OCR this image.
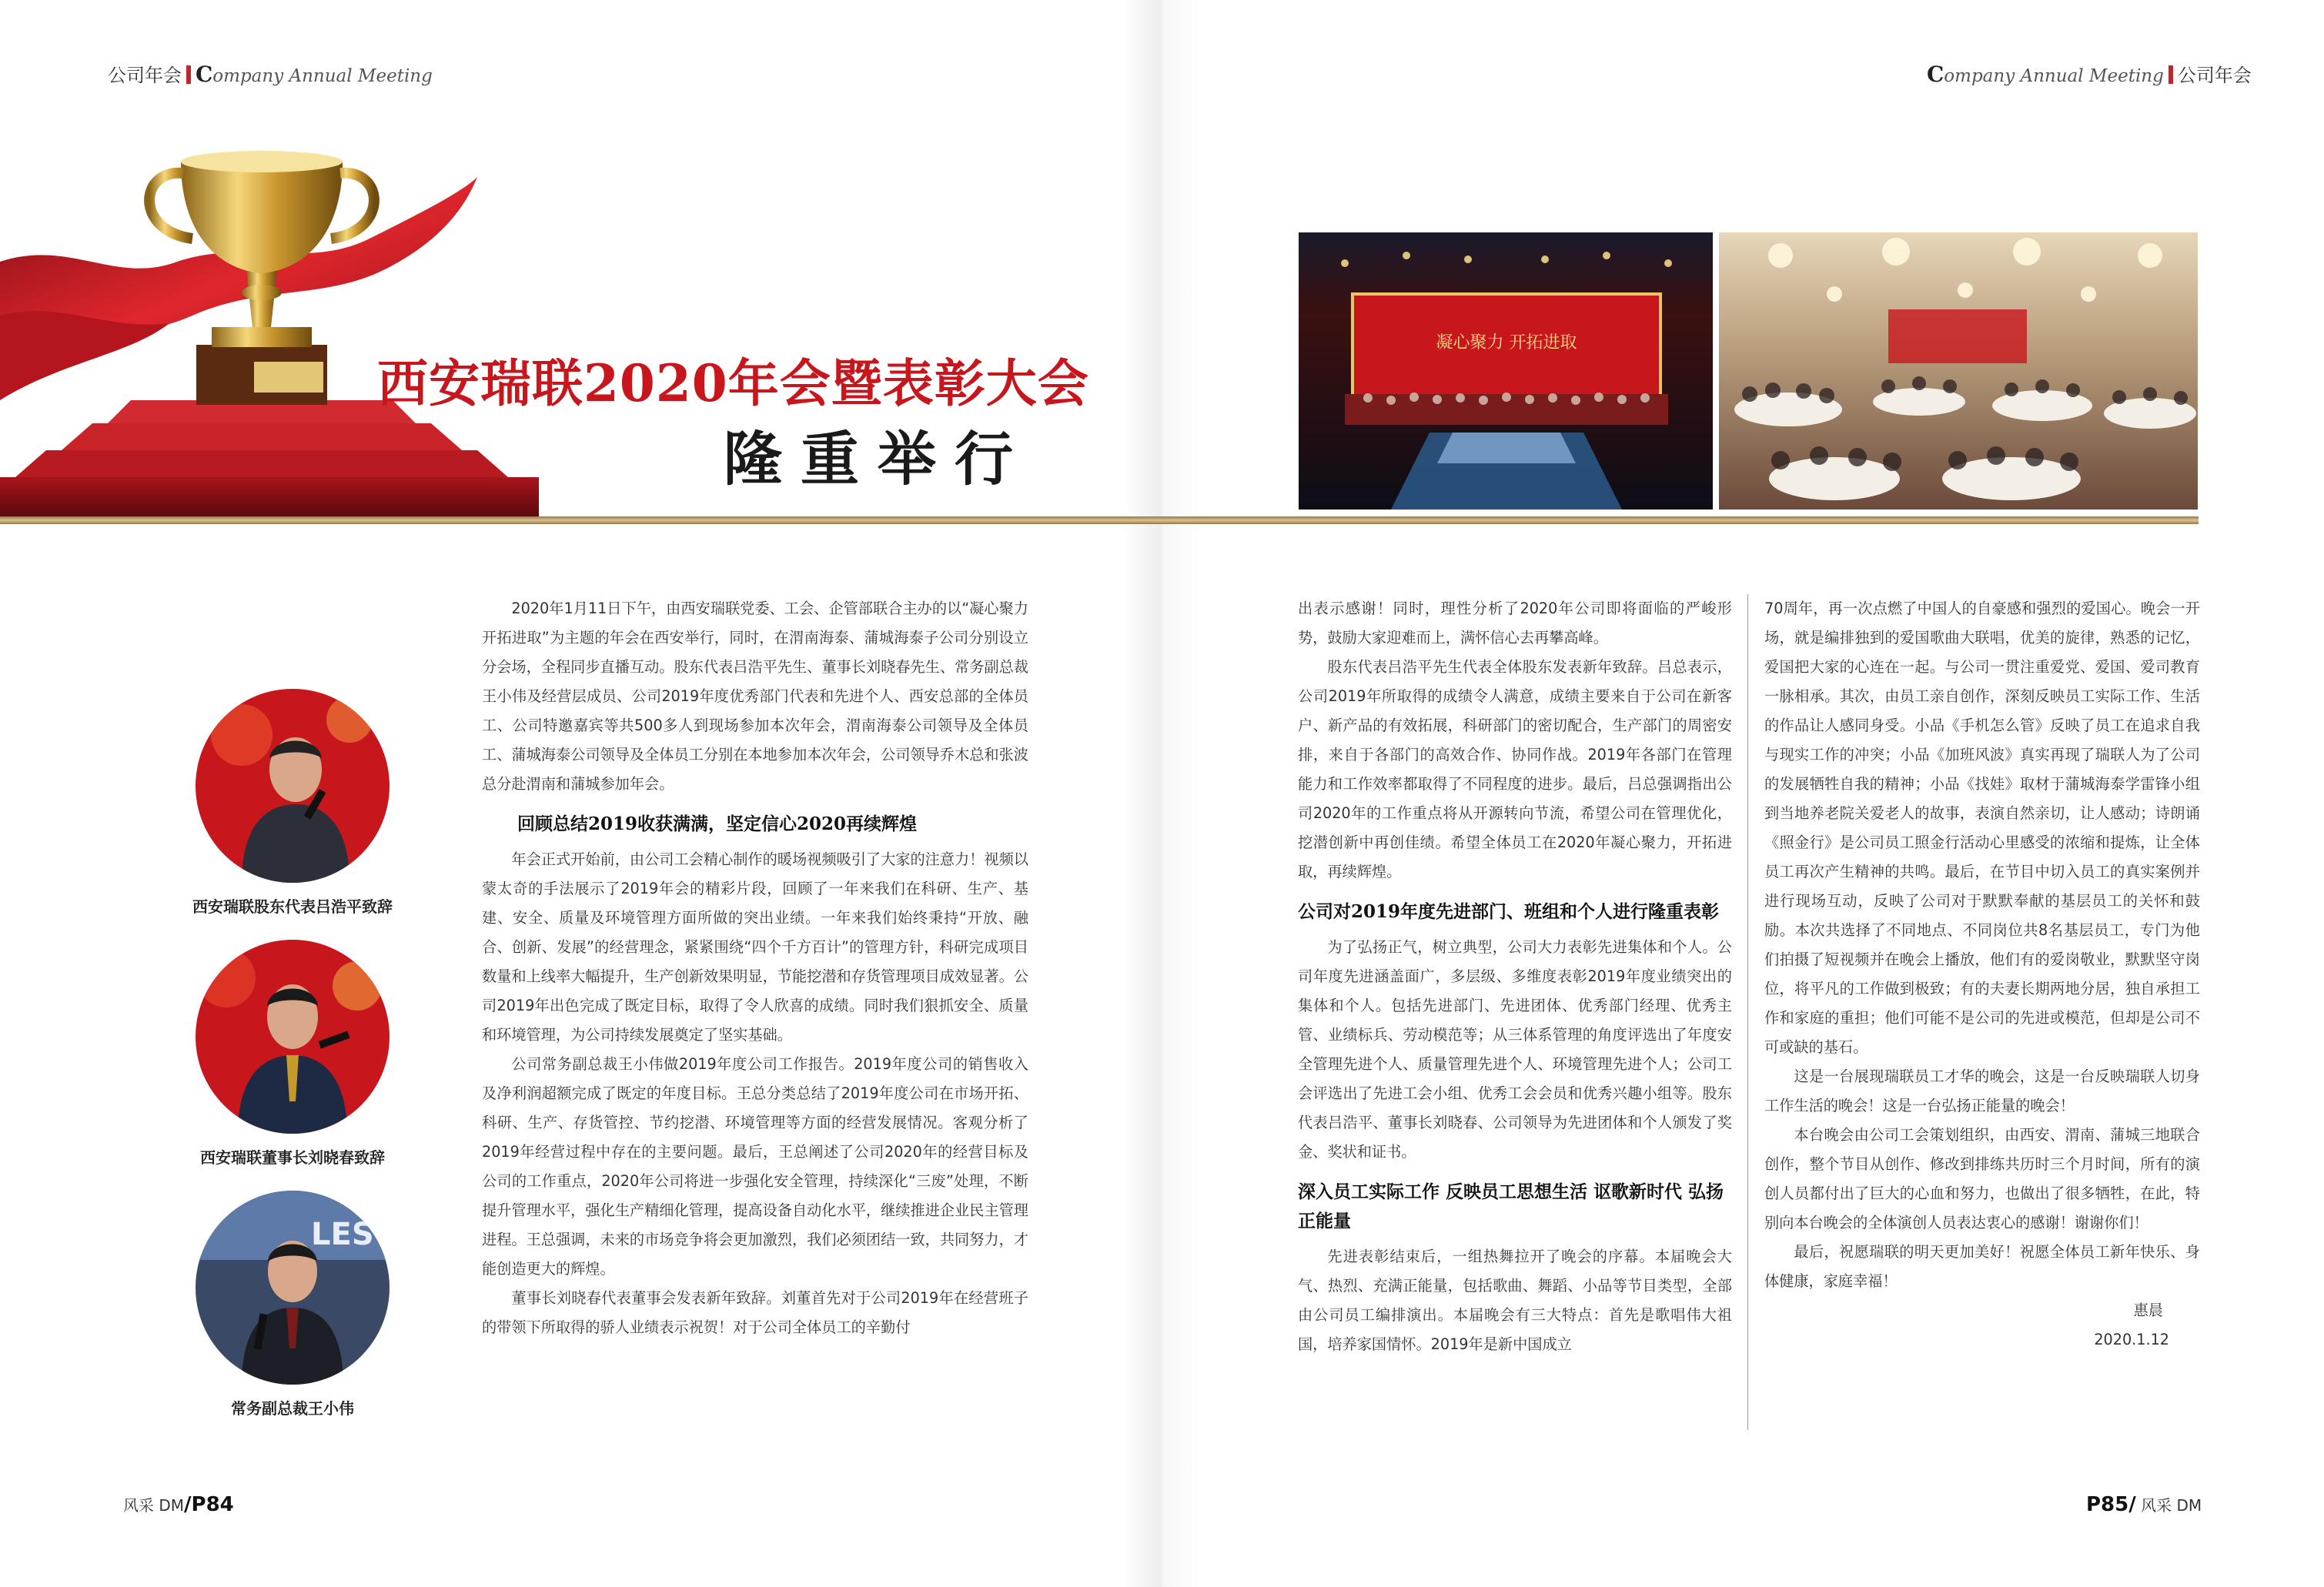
公司年会 Company Annual Meeting	Company Annual Meeting 公司年会
西安瑞联2020年会暨表彰大会
隆重举行
凝心聚力 开拓进取
西安瑞联股东代表吕浩平致辞
西安瑞联董事长刘晓春致辞
LES
常务副总裁王小伟

2020年1月11日下午，由西安瑞联党委、工会、企管部联合主办的以“凝心聚力 开拓进取”为主题的年会在西安举行，同时，在渭南海泰、蒲城海泰子公司分别设立分会场，全程同步直播互动。股东代表吕浩平先生、董事长刘晓春先生、常务副总裁王小伟及经营层成员、公司2019年度优秀部门代表和先进个人、西安总部的全体员工、公司特邀嘉宾等共500多人到现场参加本次年会，渭南海泰公司领导及全体员工、蒲城海泰公司领导及全体员工分别在本地参加本次年会，公司领导乔木总和张波总分赴渭南和蒲城参加年会。

回顾总结2019收获满满，坚定信心2020再续辉煌

年会正式开始前，由公司工会精心制作的暖场视频吸引了大家的注意力！视频以蒙太奇的手法展示了2019年会的精彩片段，回顾了一年来我们在科研、生产、基建、安全、质量及环境管理方面所做的突出业绩。一年来我们始终秉持“开放、融合、创新、发展”的经营理念，紧紧围绕“四个千方百计”的管理方针，科研完成项目数量和上线率大幅提升，生产创新效果明显，节能挖潜和存货管理项目成效显著。公司2019年出色完成了既定目标，取得了令人欣喜的成绩。同时我们狠抓安全、质量和环境管理，为公司持续发展奠定了坚实基础。

公司常务副总裁王小伟做2019年度公司工作报告。2019年度公司的销售收入及净利润超额完成了既定的年度目标。王总分类总结了2019年度公司在市场开拓、科研、生产、存货管控、节约挖潜、环境管理等方面的经营发展情况。客观分析了2019年经营过程中存在的主要问题。最后，王总阐述了公司2020年的经营目标及公司的工作重点，2020年公司将进一步强化安全管理，持续深化“三废”处理，不断提升管理水平，强化生产精细化管理，提高设备自动化水平，继续推进企业民主管理进程。王总强调，未来的市场竞争将会更加激烈，我们必须团结一致，共同努力，才能创造更大的辉煌。

董事长刘晓春代表董事会发表新年致辞。刘董首先对于公司2019年在经营班子的带领下所取得的骄人业绩表示祝贺！对于公司全体员工的辛勤付

出表示感谢！同时，理性分析了2020年公司即将面临的严峻形势，鼓励大家迎难而上，满怀信心去再攀高峰。

股东代表吕浩平先生代表全体股东发表新年致辞。吕总表示，公司2019年所取得的成绩令人满意，成绩主要来自于公司在新客户、新产品的有效拓展，科研部门的密切配合，生产部门的周密安排，来自于各部门的高效合作、协同作战。2019年各部门在管理能力和工作效率都取得了不同程度的进步。最后，吕总强调指出公司2020年的工作重点将从开源转向节流，希望公司在管理优化，挖潜创新中再创佳绩。希望全体员工在2020年凝心聚力，开拓进取，再续辉煌。

公司对2019年度先进部门、班组和个人进行隆重表彰

为了弘扬正气，树立典型，公司大力表彰先进集体和个人。公司年度先进涵盖面广，多层级、多维度表彰2019年度业绩突出的集体和个人。包括先进部门、先进团体、优秀部门经理、优秀主管、业绩标兵、劳动模范等；从三体系管理的角度评选出了年度安全管理先进个人、质量管理先进个人、环境管理先进个人；公司工会评选出了先进工会小组、优秀工会会员和优秀兴趣小组等。股东代表吕浩平、董事长刘晓春、公司领导为先进团体和个人颁发了奖金、奖状和证书。

深入员工实际工作 反映员工思想生活 讴歌新时代 弘扬正能量

先进表彰结束后，一组热舞拉开了晚会的序幕。本届晚会大气、热烈、充满正能量，包括歌曲、舞蹈、小品等节目类型，全部由公司员工编排演出。本届晚会有三大特点：首先是歌唱伟大祖国，培养家国情怀。2019年是新中国成立

70周年，再一次点燃了中国人的自豪感和强烈的爱国心。晚会一开场，就是编排独到的爱国歌曲大联唱，优美的旋律，熟悉的记忆，爱国把大家的心连在一起。与公司一贯注重爱党、爱国、爱司教育一脉相承。其次，由员工亲自创作，深刻反映员工实际工作、生活的作品让人感同身受。小品《手机怎么管》反映了员工在追求自我与现实工作的冲突；小品《加班风波》真实再现了瑞联人为了公司的发展牺牲自我的精神；小品《找娃》取材于蒲城海泰学雷锋小组到当地养老院关爱老人的故事，表演自然亲切，让人感动；诗朗诵《照金行》是公司员工照金行活动心里感受的浓缩和提炼，让全体员工再次产生精神的共鸣。最后，在节目中切入员工的真实案例并进行现场互动，反映了公司对于默默奉献的基层员工的关怀和鼓励。本次共选择了不同地点、不同岗位共8名基层员工，专门为他们拍摄了短视频并在晚会上播放，他们有的爱岗敬业，默默坚守岗位，将平凡的工作做到极致；有的夫妻长期两地分居，独自承担工作和家庭的重担；他们可能不是公司的先进或模范，但却是公司不可或缺的基石。

这是一台展现瑞联员工才华的晚会，这是一台反映瑞联人切身工作生活的晚会！这是一台弘扬正能量的晚会！

本台晚会由公司工会策划组织，由西安、渭南、蒲城三地联合创作，整个节目从创作、修改到排练共历时三个月时间，所有的演创人员都付出了巨大的心血和努力，也做出了很多牺牲，在此，特别向本台晚会的全体演创人员表达衷心的感谢！谢谢你们！

最后，祝愿瑞联的明天更加美好！祝愿全体员工新年快乐、身体健康，家庭幸福！

惠晨

2020.1.12

风采 DM/P84	P85/ 风采 DM
